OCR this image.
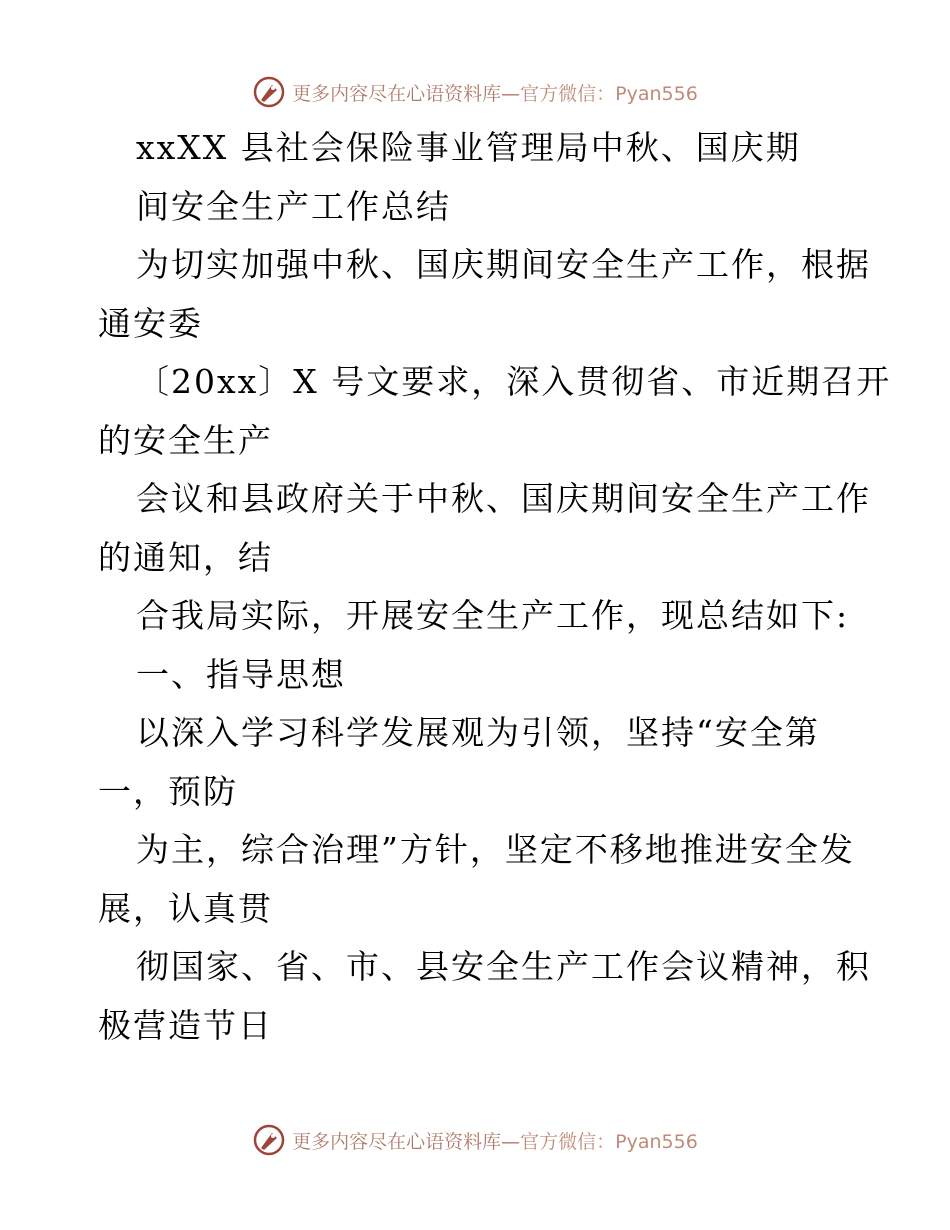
更多内容尽在心语资料库—官方微信：Pyan556
xxXX 县社会保险事业管理局中秋、国庆期
间安全生产工作总结
为切实加强中秋、国庆期间安全生产工作，根据
通安委
〔20xx〕X 号文要求，深入贯彻省、市近期召开
的安全生产
会议和县政府关于中秋、国庆期间安全生产工作
的通知，结
合我局实际，开展安全生产工作，现总结如下:
一、指导思想
以深入学习科学发展观为引领，坚持“安全第
一，预防
为主，综合治理”方针，坚定不移地推进安全发
展，认真贯
彻国家、省、市、县安全生产工作会议精神，积
极营造节日
更多内容尽在心语资料库—官方微信：Pyan556
